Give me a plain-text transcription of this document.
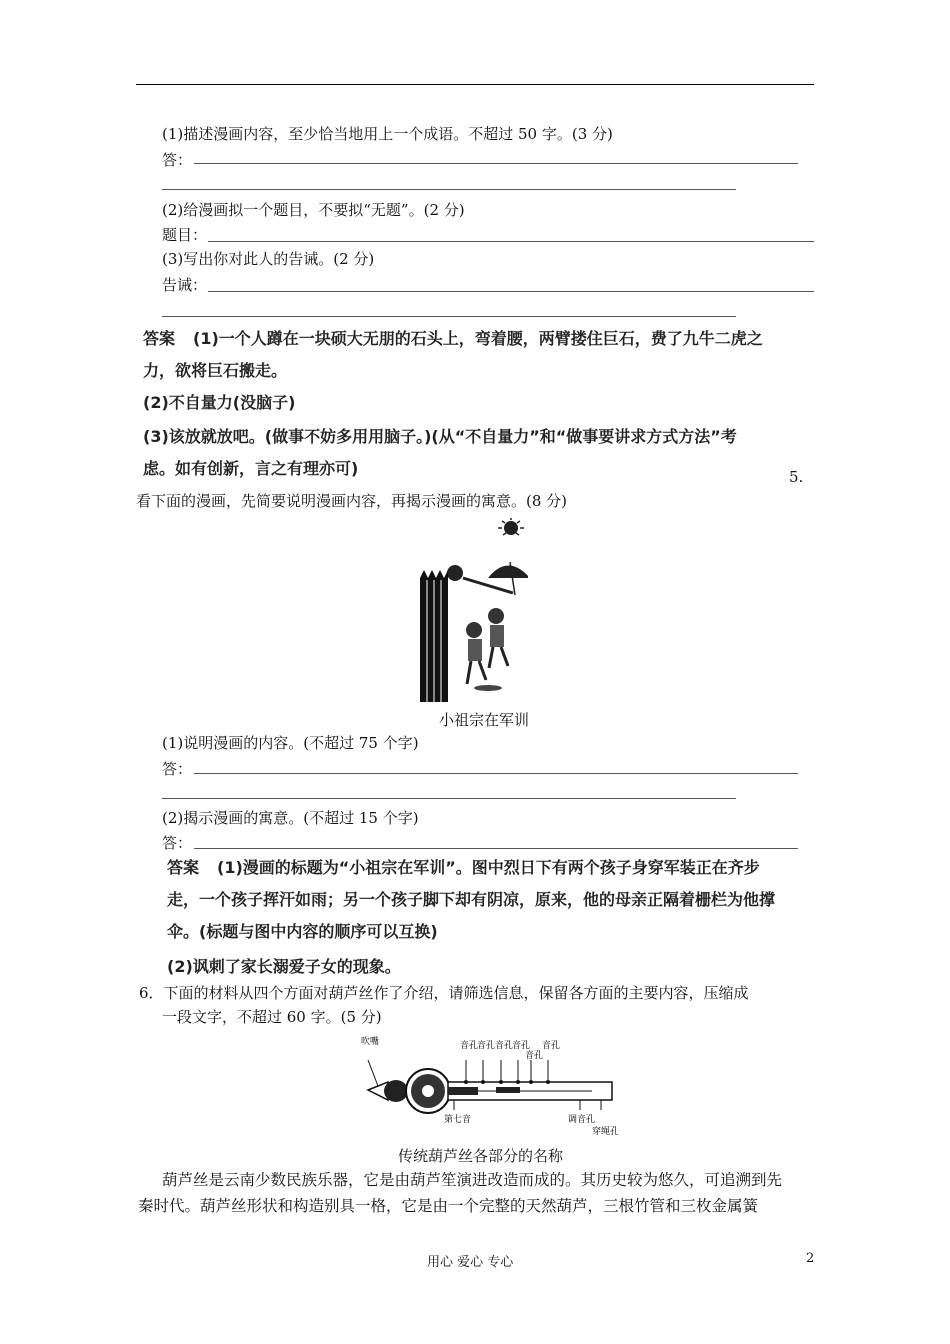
(1)描述漫画内容，至少恰当地用上一个成语。不超过 50 字。(3 分)
答：
(2)给漫画拟一个题目，不要拟“无题”。(2 分)
题目：
(3)写出你对此人的告诫。(2 分)
告诫：
答案 (1)一个人蹲在一块硕大无朋的石头上，弯着腰，两臂搂住巨石，费了九牛二虎之
力，欲将巨石搬走。
(2)不自量力(没脑子)
(3)该放就放吧。(做事不妨多用用脑子。)(从“不自量力”和“做事要讲求方式方法”考
虑。如有创新，言之有理亦可)	5.
看下面的漫画，先简要说明漫画内容，再揭示漫画的寓意。(8 分)
小祖宗在军训
(1)说明漫画的内容。(不超过 75 个字)
答：
(2)揭示漫画的寓意。(不超过 15 个字)
答：
答案 (1)漫画的标题为“小祖宗在军训”。图中烈日下有两个孩子身穿军装正在齐步
走，一个孩子挥汗如雨；另一个孩子脚下却有阴凉，原来，他的母亲正隔着栅栏为他撑
伞。(标题与图中内容的顺序可以互换)
(2)讽刺了家长溺爱子女的现象。
6．下面的材料从四个方面对葫芦丝作了介绍，请筛选信息，保留各方面的主要内容，压缩成
一段文字，不超过 60 字。(5 分)
吹嘴	音孔
音孔 音孔
音孔
音孔
音孔
第七音	调音孔
穿绳孔
传统葫芦丝各部分的名称
葫芦丝是云南少数民族乐器，它是由葫芦笙演进改造而成的。其历史较为悠久，可追溯到先
秦时代。葫芦丝形状和构造别具一格，它是由一个完整的天然葫芦，三根竹管和三枚金属簧
用心 爱心 专心	2
